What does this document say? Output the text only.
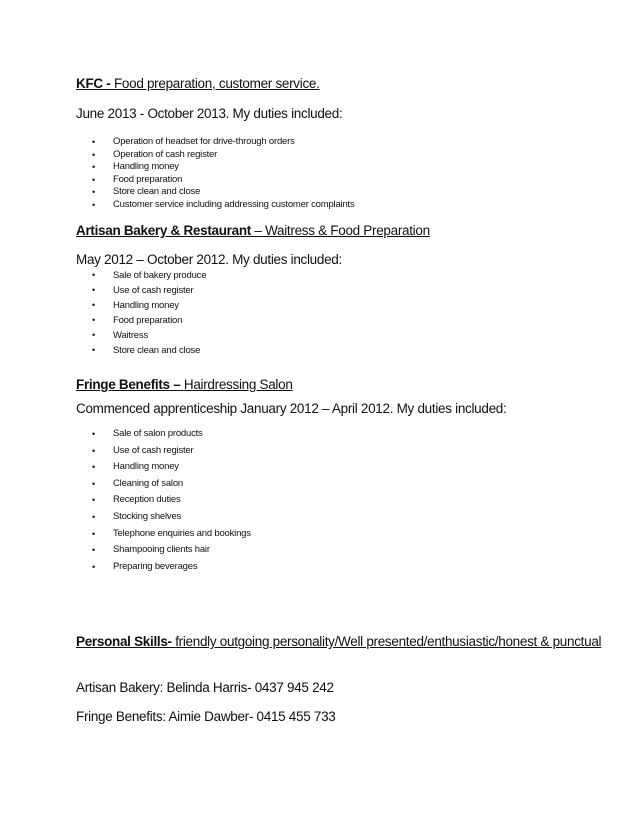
KFC - Food preparation, customer service.
June 2013 - October 2013. My duties included:
• Operation of headset for drive-through orders
• Operation of cash register
• Handling money
• Food preparation
• Store clean and close
• Customer service including addressing customer complaints
Artisan Bakery & Restaurant – Waitress & Food Preparation
May 2012 – October 2012. My duties included:
• Sale of bakery produce
• Use of cash register
• Handling money
• Food preparation
• Waitress
• Store clean and close
Fringe Benefits – Hairdressing Salon
Commenced apprenticeship January 2012 – April 2012. My duties included:
• Sale of salon products
• Use of cash register
• Handling money
• Cleaning of salon
• Reception duties
• Stocking shelves
• Telephone enquiries and bookings
• Shampooing clients hair
• Preparing beverages
Personal Skills- friendly outgoing personality/Well presented/enthusiastic/honest & punctual
Artisan Bakery: Belinda Harris- 0437 945 242
Fringe Benefits: Aimie Dawber- 0415 455 733
